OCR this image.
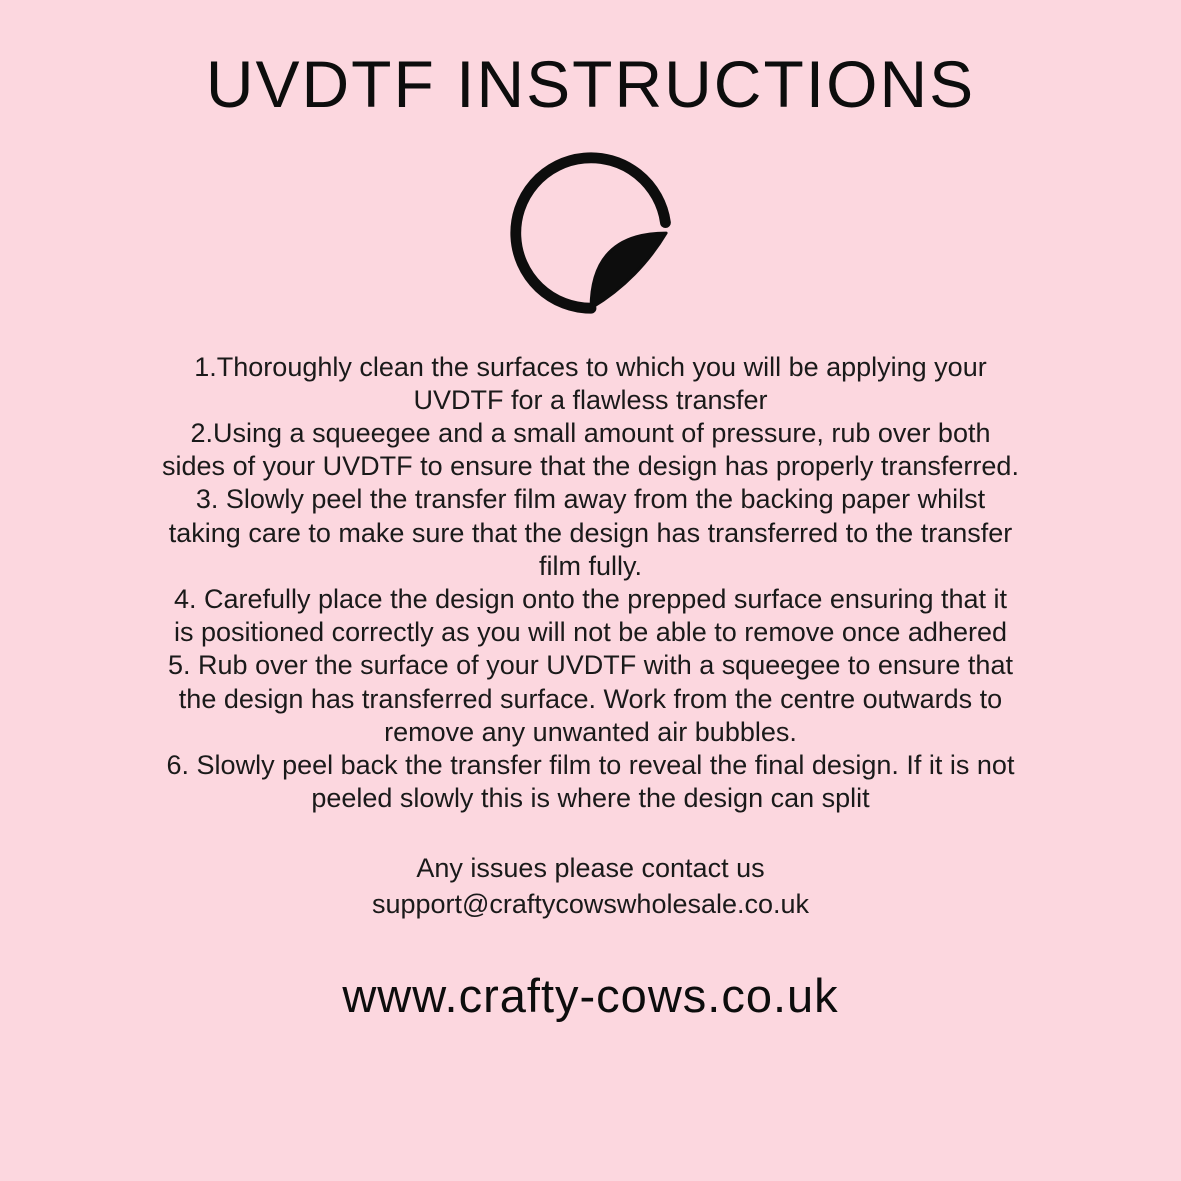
UVDTF INSTRUCTIONS

1.Thoroughly clean the surfaces to which you will be applying your UVDTF for a flawless transfer

2.Using a squeegee and a small amount of pressure, rub over both sides of your UVDTF to ensure that the design has properly transferred.

3. Slowly peel the transfer film away from the backing paper whilst taking care to make sure that the design has transferred to the transfer film fully.

4. Carefully place the design onto the prepped surface ensuring that it is positioned correctly as you will not be able to remove once adhered

5. Rub over the surface of your UVDTF with a squeegee to ensure that the design has transferred surface. Work from the centre outwards to remove any unwanted air bubbles.

6. Slowly peel back the transfer film to reveal the final design. If it is not peeled slowly this is where the design can split

Any issues please contact us
support@craftycowswholesale.co.uk
www.crafty-cows.co.uk
